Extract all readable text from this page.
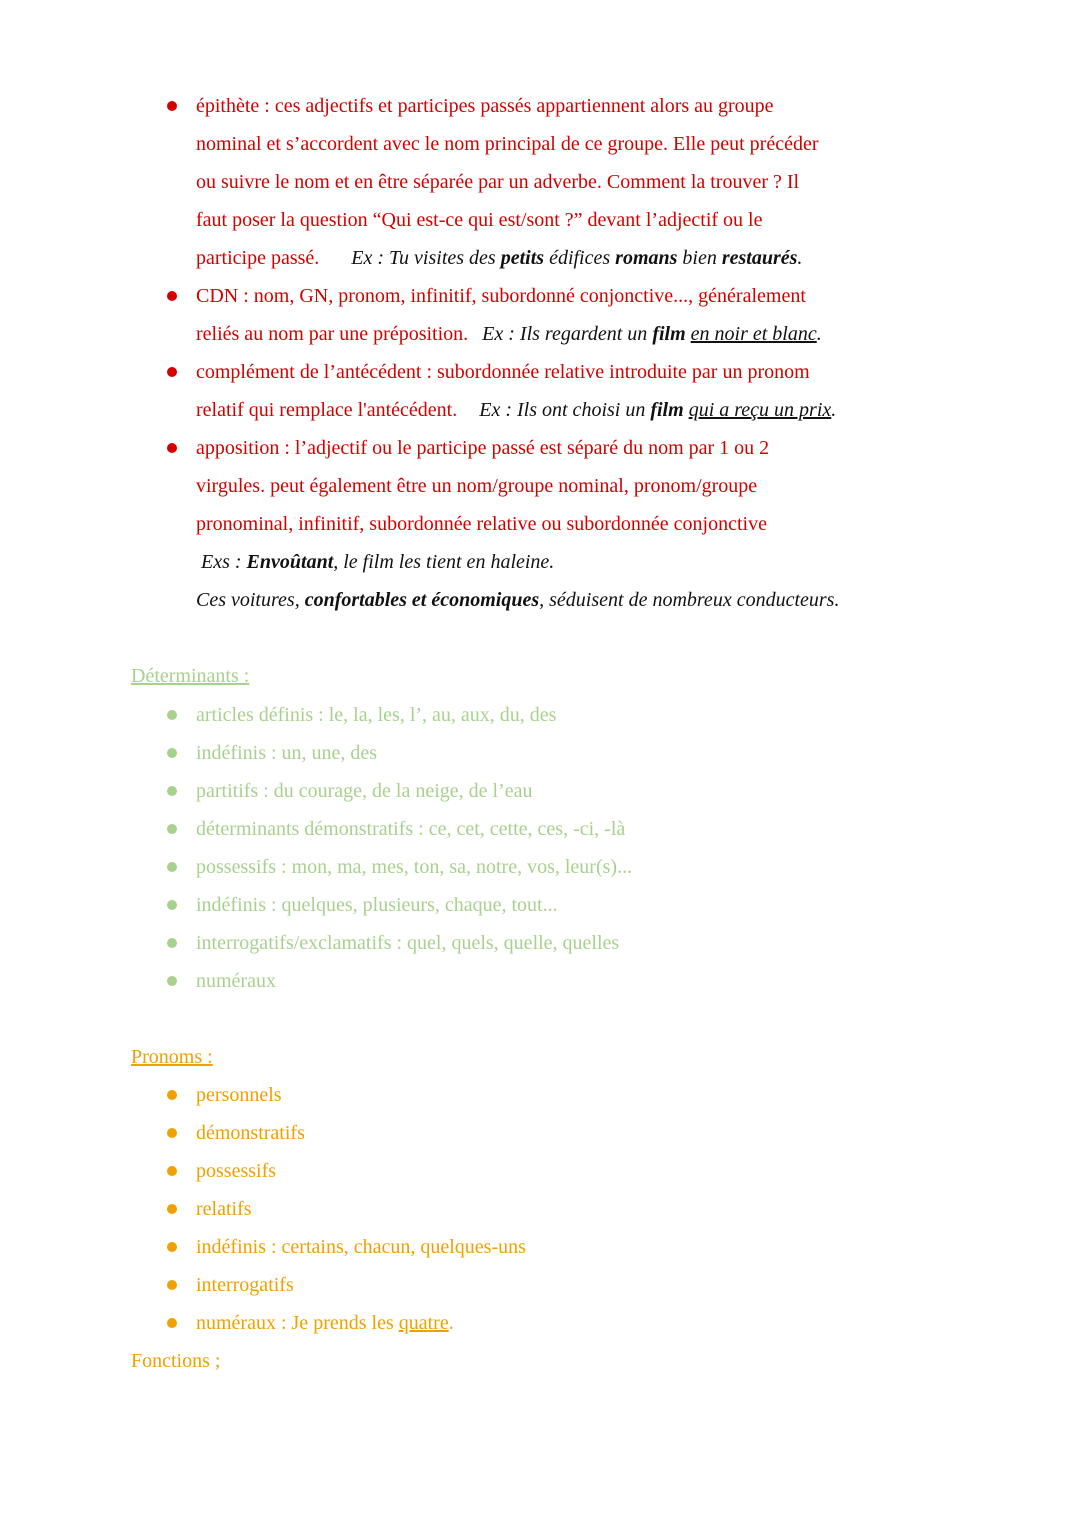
épithète : ces adjectifs et participes passés appartiennent alors au groupe
nominal et s’accordent avec le nom principal de ce groupe. Elle peut précéder
ou suivre le nom et en être séparée par un adverbe. Comment la trouver ? Il
faut poser la question “Qui est-ce qui est/sont ?” devant l’adjectif ou le
participe passé. Ex : Tu visites des petits édifices romans bien restaurés.
CDN : nom, GN, pronom, infinitif, subordonné conjonctive..., généralement
reliés au nom par une préposition. Ex : Ils regardent un film en noir et blanc.
complément de l’antécédent : subordonnée relative introduite par un pronom
relatif qui remplace l'antécédent. Ex : Ils ont choisi un film qui a reçu un prix.
apposition : l’adjectif ou le participe passé est séparé du nom par 1 ou 2
virgules. peut également être un nom/groupe nominal, pronom/groupe
pronominal, infinitif, subordonnée relative ou subordonnée conjonctive
Exs : Envoûtant, le film les tient en haleine.
Ces voitures, confortables et économiques, séduisent de nombreux conducteurs.
Déterminants :
articles définis : le, la, les, l’, au, aux, du, des
indéfinis : un, une, des
partitifs : du courage, de la neige, de l’eau
déterminants démonstratifs : ce, cet, cette, ces, -ci, -là
possessifs : mon, ma, mes, ton, sa, notre, vos, leur(s)...
indéfinis : quelques, plusieurs, chaque, tout...
interrogatifs/exclamatifs : quel, quels, quelle, quelles
numéraux
Pronoms :
personnels
démonstratifs
possessifs
relatifs
indéfinis : certains, chacun, quelques-uns
interrogatifs
numéraux : Je prends les quatre.
Fonctions ;
